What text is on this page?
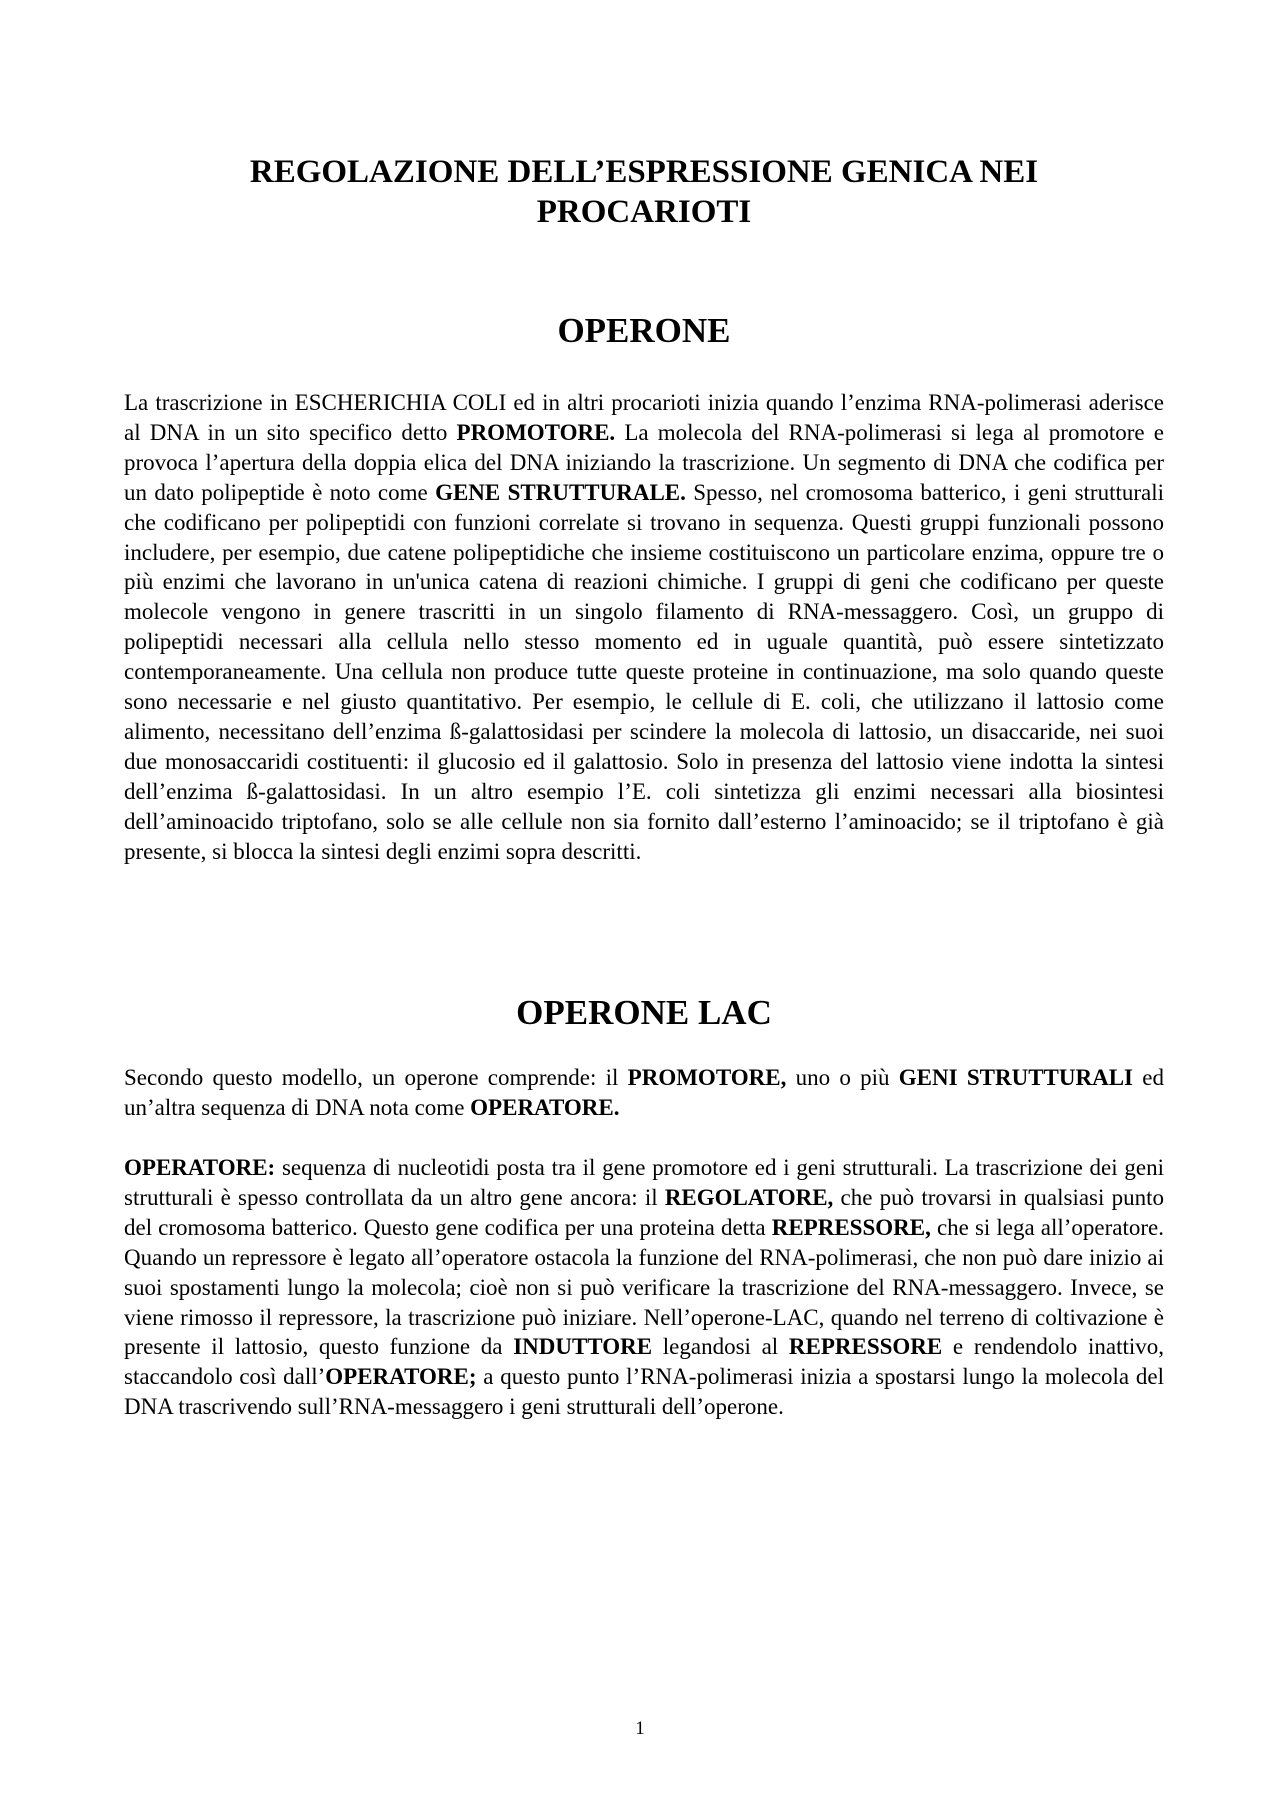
REGOLAZIONE DELL’ESPRESSIONE GENICA NEI
PROCARIOTI
OPERONE

La trascrizione in ESCHERICHIA COLI ed in altri procarioti inizia quando l’enzima RNA-polimerasi aderisce al DNA in un sito specifico detto PROMOTORE. La molecola del RNA-polimerasi si lega al promotore e provoca l’apertura della doppia elica del DNA iniziando la trascrizione. Un segmento di DNA che codifica per un dato polipeptide è noto come GENE STRUTTURALE. Spesso, nel cromosoma batterico, i geni strutturali che codificano per polipeptidi con funzioni correlate si trovano in sequenza. Questi gruppi funzionali possono includere, per esempio, due catene polipeptidiche che insieme costituiscono un particolare enzima, oppure tre o più enzimi che lavorano in un'unica catena di reazioni chimiche. I gruppi di geni che codificano per queste molecole vengono in genere trascritti in un singolo filamento di RNA-messaggero. Così, un gruppo di polipeptidi necessari alla cellula nello stesso momento ed in uguale quantità, può essere sintetizzato contemporaneamente. Una cellula non produce tutte queste proteine in continuazione, ma solo quando queste sono necessarie e nel giusto quantitativo. Per esempio, le cellule di E. coli, che utilizzano il lattosio come alimento, necessitano dell’enzima ß-galattosidasi per scindere la molecola di lattosio, un disaccaride, nei suoi due monosaccaridi costituenti: il glucosio ed il galattosio. Solo in presenza del lattosio viene indotta la sintesi dell’enzima ß-galattosidasi. In un altro esempio l’E. coli sintetizza gli enzimi necessari alla biosintesi dell’aminoacido triptofano, solo se alle cellule non sia fornito dall’esterno l’aminoacido; se il triptofano è già presente, si blocca la sintesi degli enzimi sopra descritti.

OPERONE LAC

Secondo questo modello, un operone comprende: il PROMOTORE, uno o più GENI STRUTTURALI ed un’altra sequenza di DNA nota come OPERATORE.

OPERATORE: sequenza di nucleotidi posta tra il gene promotore ed i geni strutturali. La trascrizione dei geni strutturali è spesso controllata da un altro gene ancora: il REGOLATORE, che può trovarsi in qualsiasi punto del cromosoma batterico. Questo gene codifica per una proteina detta REPRESSORE, che si lega all’operatore. Quando un repressore è legato all’operatore ostacola la funzione del RNA-polimerasi, che non può dare inizio ai suoi spostamenti lungo la molecola; cioè non si può verificare la trascrizione del RNA-messaggero. Invece, se viene rimosso il repressore, la trascrizione può iniziare. Nell’operone-LAC, quando nel terreno di coltivazione è presente il lattosio, questo funzione da INDUTTORE legandosi al REPRESSORE e rendendolo inattivo, staccandolo così dall’OPERATORE; a questo punto l’RNA-polimerasi inizia a spostarsi lungo la molecola del DNA trascrivendo sull’RNA-messaggero i geni strutturali dell’operone.

1
